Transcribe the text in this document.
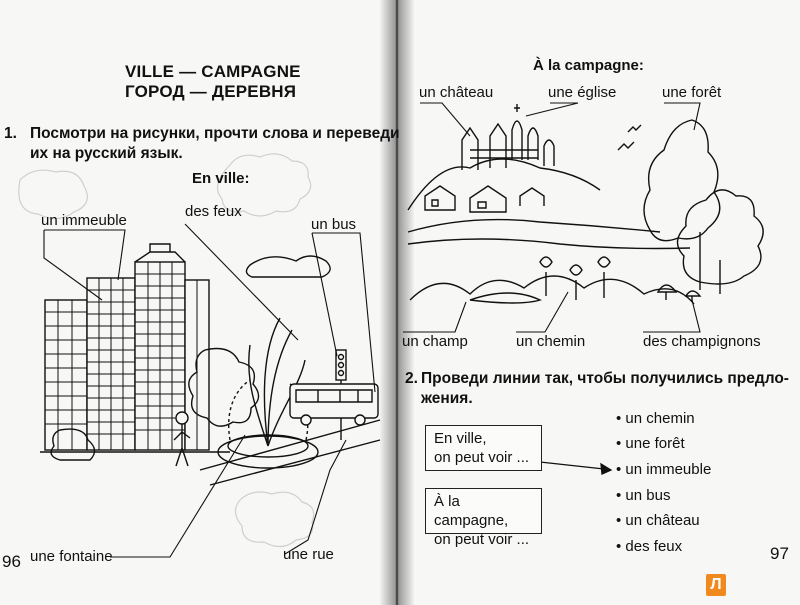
VILLE — CAMPAGNE
ГОРОД — ДЕРЕВНЯ
1. Посмотри на рисунки, прочти слова и переведи
их на русский язык.
En ville:
un immeuble
des feux
un bus
une fontaine	une rue
96
À la campagne:
un château	une église	une forêt
un champ	un chemin	des champignons
2. Проведи линии так, чтобы получились предло-
жения.
En ville,
on peut voir ...
À la campagne,
on peut voir ...
• un chemin
• une forêt
• un immeuble
• un bus
• un château
• des feux	97
Л
